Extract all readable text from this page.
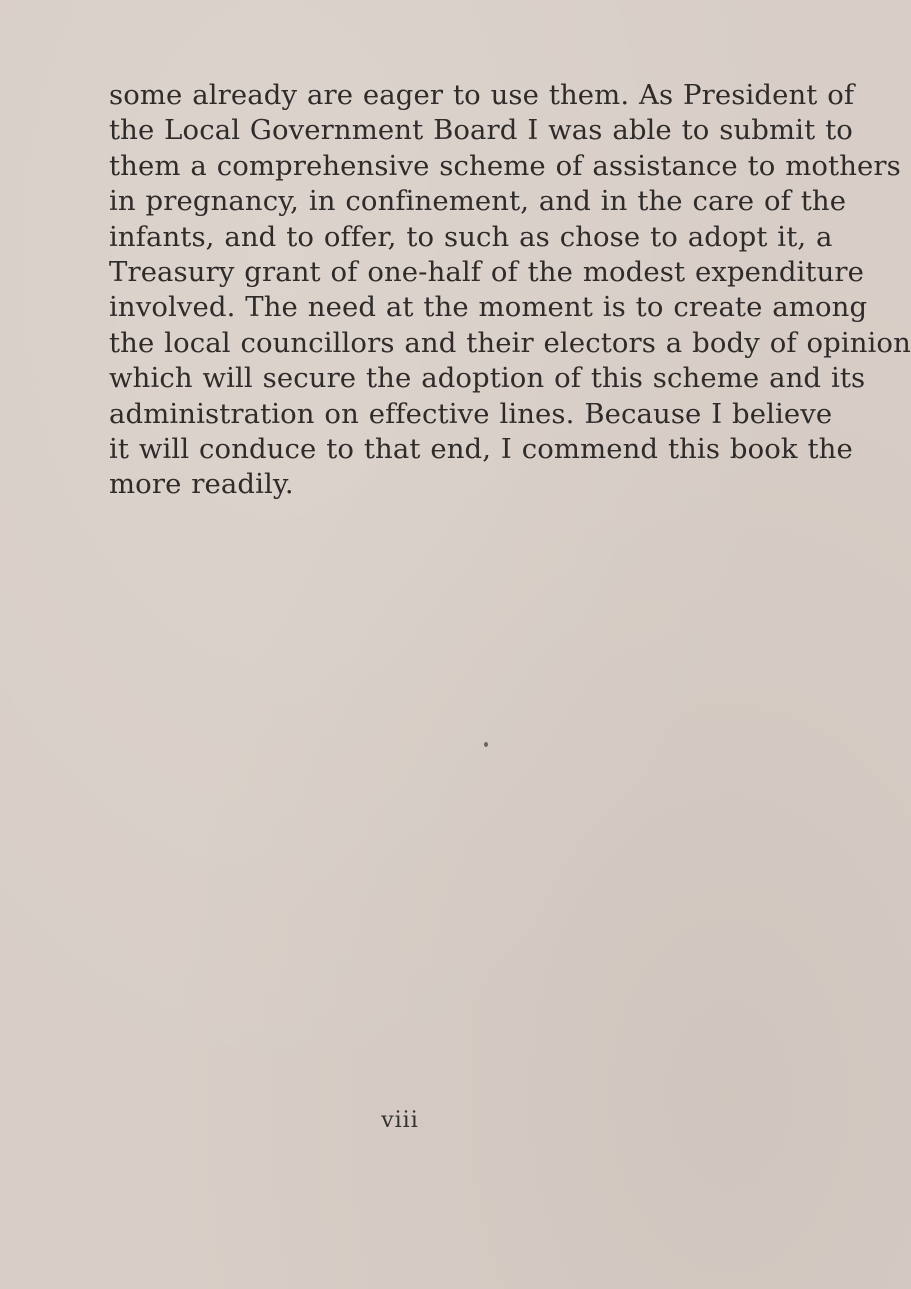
some already are eager to use them. As President of
the Local Government Board I was able to submit to
them a comprehensive scheme of assistance to mothers
in pregnancy, in confinement, and in the care of the
infants, and to offer, to such as chose to adopt it, a
Treasury grant of one-half of the modest expenditure
involved. The need at the moment is to create among
the local councillors and their electors a body of opinion
which will secure the adoption of this scheme and its
administration on effective lines. Because I believe
it will conduce to that end, I commend this book the
more readily.

viii
